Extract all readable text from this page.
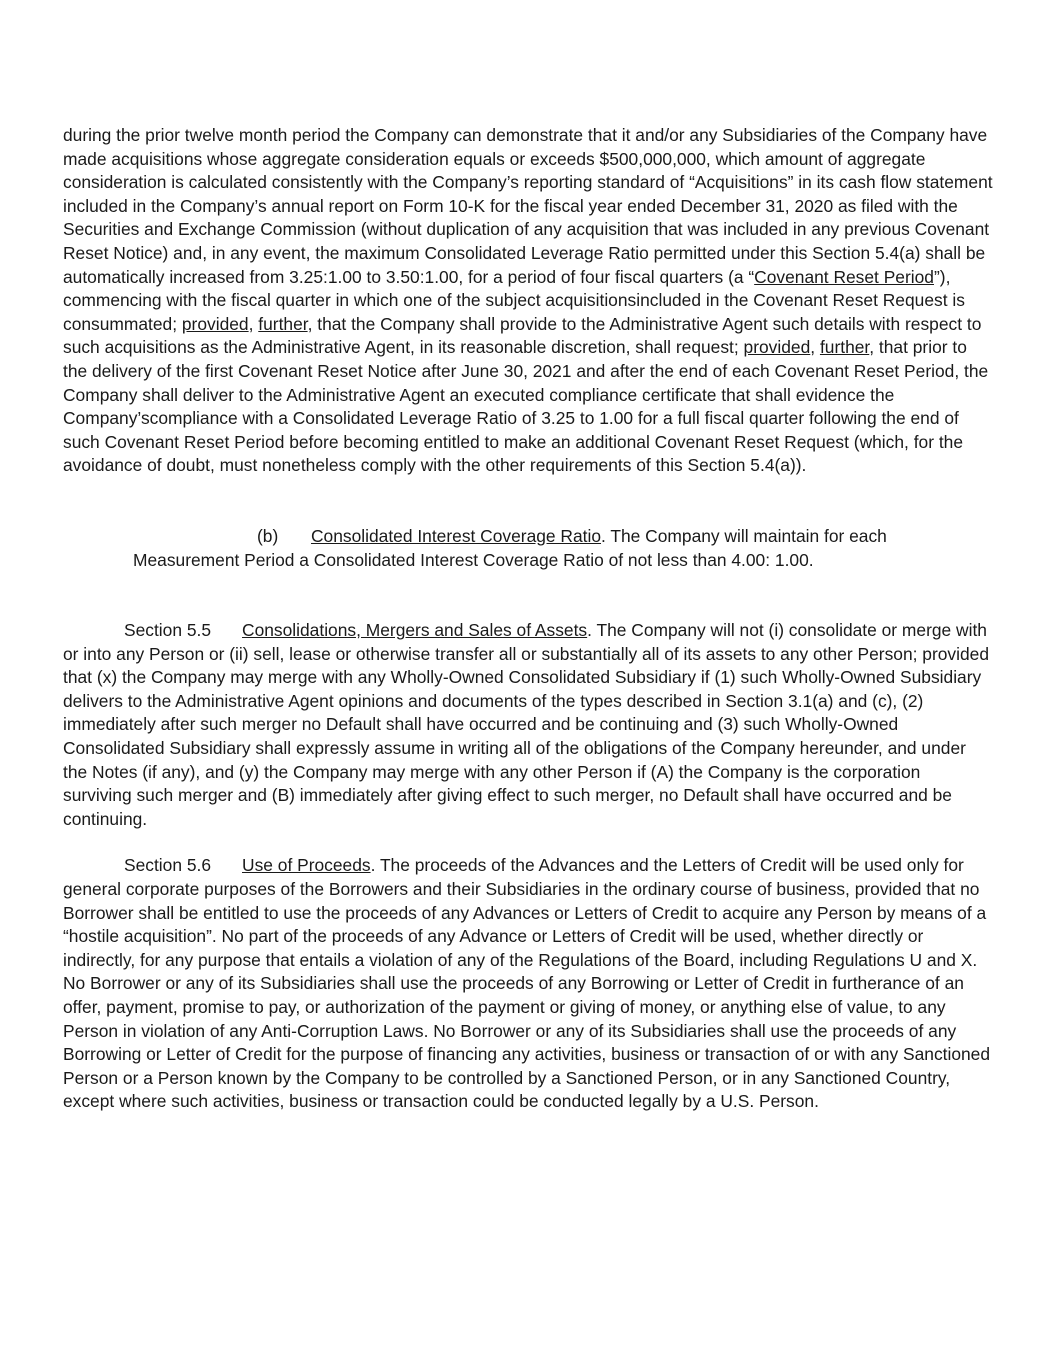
during the prior twelve month period the Company can demonstrate that it and/or any Subsidiaries of the Company have made acquisitions whose aggregate consideration equals or exceeds $500,000,000, which amount of aggregate consideration is calculated consistently with the Company’s reporting standard of “Acquisitions” in its cash flow statement included in the Company’s annual report on Form 10-K for the fiscal year ended December 31, 2020 as filed with the Securities and Exchange Commission (without duplication of any acquisition that was included in any previous Covenant Reset Notice) and, in any event, the maximum Consolidated Leverage Ratio permitted under this Section 5.4(a) shall be automatically increased from 3.25:1.00 to 3.50:1.00, for a period of four fiscal quarters (a “Covenant Reset Period”), commencing with the fiscal quarter in which one of the subject acquisitionsincluded in the Covenant Reset Request is consummated; provided, further, that the Company shall provide to the Administrative Agent such details with respect to such acquisitions as the Administrative Agent, in its reasonable discretion, shall request; provided, further, that prior to the delivery of the first Covenant Reset Notice after June 30, 2021 and after the end of each Covenant Reset Period, the Company shall deliver to the Administrative Agent an executed compliance certificate that shall evidence the Company’scompliance with a Consolidated Leverage Ratio of 3.25 to 1.00 for a full fiscal quarter following the end of such Covenant Reset Period before becoming entitled to make an additional Covenant Reset Request (which, for the avoidance of doubt, must nonetheless comply with the other requirements of this Section 5.4(a)).

(b) Consolidated Interest Coverage Ratio. The Company will maintain for each Measurement Period a Consolidated Interest Coverage Ratio of not less than 4.00: 1.00.

Section 5.5 Consolidations, Mergers and Sales of Assets. The Company will not (i) consolidate or merge with or into any Person or (ii) sell, lease or otherwise transfer all or substantially all of its assets to any other Person; provided that (x) the Company may merge with any Wholly-Owned Consolidated Subsidiary if (1) such Wholly-Owned Subsidiary delivers to the Administrative Agent opinions and documents of the types described in Section 3.1(a) and (c), (2) immediately after such merger no Default shall have occurred and be continuing and (3) such Wholly-Owned Consolidated Subsidiary shall expressly assume in writing all of the obligations of the Company hereunder, and under the Notes (if any), and (y) the Company may merge with any other Person if (A) the Company is the corporation surviving such merger and (B) immediately after giving effect to such merger, no Default shall have occurred and be continuing.

Section 5.6 Use of Proceeds. The proceeds of the Advances and the Letters of Credit will be used only for general corporate purposes of the Borrowers and their Subsidiaries in the ordinary course of business, provided that no Borrower shall be entitled to use the proceeds of any Advances or Letters of Credit to acquire any Person by means of a “hostile acquisition”. No part of the proceeds of any Advance or Letters of Credit will be used, whether directly or indirectly, for any purpose that entails a violation of any of the Regulations of the Board, including Regulations U and X. No Borrower or any of its Subsidiaries shall use the proceeds of any Borrowing or Letter of Credit in furtherance of an offer, payment, promise to pay, or authorization of the payment or giving of money, or anything else of value, to any Person in violation of any Anti-Corruption Laws. No Borrower or any of its Subsidiaries shall use the proceeds of any Borrowing or Letter of Credit for the purpose of financing any activities, business or transaction of or with any Sanctioned Person or a Person known by the Company to be controlled by a Sanctioned Person, or in any Sanctioned Country, except where such activities, business or transaction could be conducted legally by a U.S. Person.
